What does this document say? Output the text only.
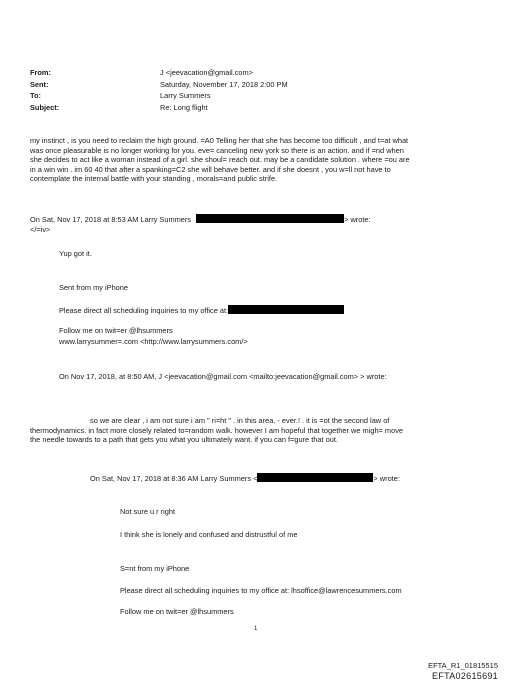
From:	J <jeevacation@gmail.com>
Sent:	Saturday, November 17, 2018 2:00 PM
To:	Larry Summers
Subject:	Re: Long flight
my instinct , is you need to reclaim the high ground. =A0 Telling her that she has become too difficult , and t=at what
was once pleasurable is no longer working for you. eve= canceling new york so there is an action. and if =nd when
she decides to act like a woman instead of a girl. she shoul= reach out. may be a candidate solution . where =ou are
in a win win . im 60 40 that after a spanking=C2 she will behave better. and if she doesnt , you w=ll not have to
contemplate the internal battle with your standing , morals=and public strife.
On Sat, Nov 17, 2018 at 8:53 AM Larry Summers	> wrote:
</=iv>
Yup got it.
Sent from my iPhone
Please direct all scheduling inquiries to my office at:
Follow me on twit=er @lhsummers
www.larrysummer=.com <http://www.larrysummers.com/>
On Nov 17, 2018, at 8:50 AM, J <jeevacation@gmail.com <mailto:jeevacation@gmail.com> > wrote:
so we are clear , i am not sure i am " ri=ht " . in this area. - ever.! . it is =ot the second law of
thermodynamics. in fact more closely related to=random walk. however I am hopeful that together we migh= move
the needle towards to a path that gets you what you ultimately want. if you can f=gure that out.
On Sat, Nov 17, 2018 at 8:36 AM Larry Summers <	> wrote:
Not sure u r right
I think she is lonely and confused and distrustful of me
S=nt from my iPhone
Please direct all scheduling inquiries to my office at: lhsoffice@lawrencesummers.com
Follow me on twit=er @lhsummers
1
EFTA_R1_01815515
EFTA02615691
